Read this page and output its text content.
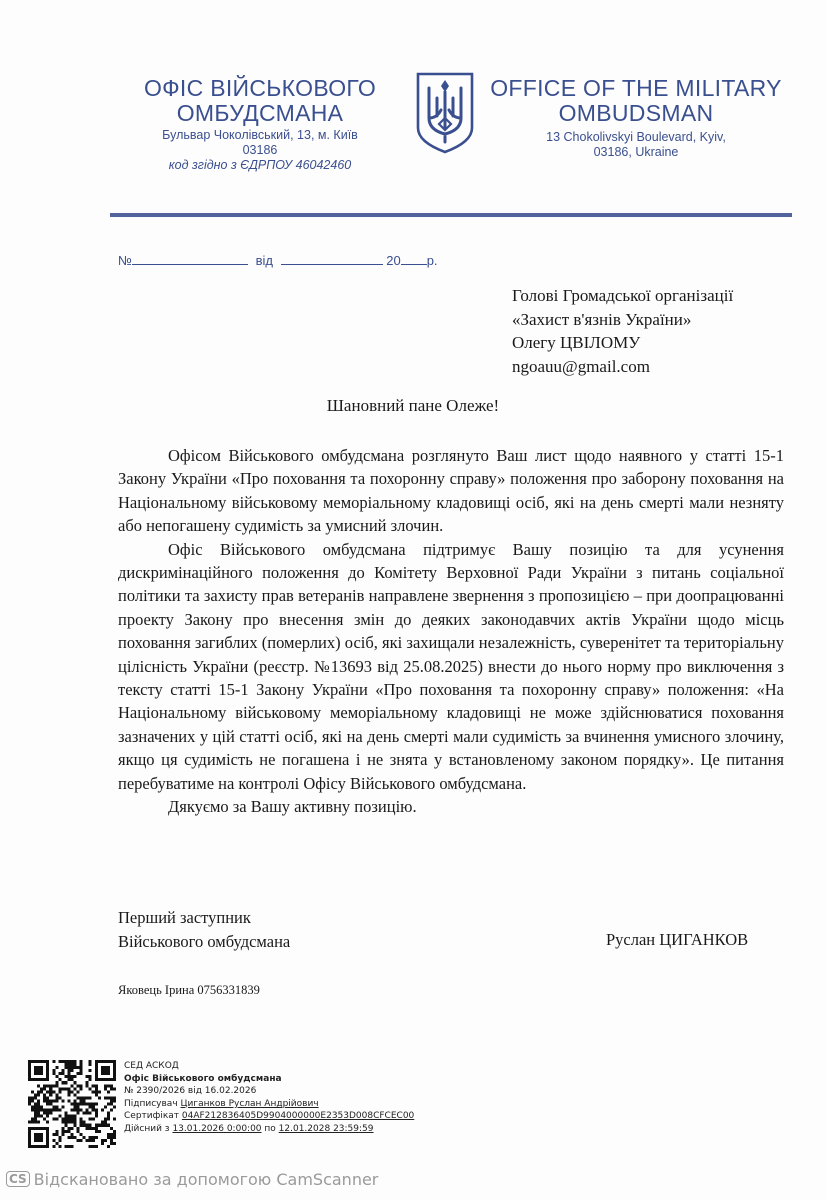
ОФІС ВІЙСЬКОВОГО
ОМБУДСМАНА
Бульвар Чоколівський, 13, м. Київ
03186
код згідно з ЄДРПОУ 46042460
OFFICE OF THE MILITARY
OMBUDSMAN
13 Chokolivskyi Boulevard, Kyiv,
03186, Ukraine
№	від	20 р.
Голові Громадської організації
«Захист в'язнів України»
Олегу ЦВІЛОМУ
ngoauu@gmail.com
Шановний пане Олеже!

Офісом Військового омбудсмана розглянуто Ваш лист щодо наявного у статті 15-1 Закону України «Про поховання та похоронну справу» положення про заборону поховання на Національному військовому меморіальному кладовищі осіб, які на день смерті мали незняту або непогашену судимість за умисний злочин.

Офіс Військового омбудсмана підтримує Вашу позицію та для усунення дискримінаційного положення до Комітету Верховної Ради України з питань соціальної політики та захисту прав ветеранів направлене звернення з пропозицією – при доопрацюванні проекту Закону про внесення змін до деяких законодавчих актів України щодо місць поховання загиблих (померлих) осіб, які захищали незалежність, суверенітет та територіальну цілісність України (реєстр. №13693 від 25.08.2025) внести до нього норму про виключення з тексту статті 15-1 Закону України «Про поховання та похоронну справу» положення: «На Національному військовому меморіальному кладовищі не може здійснюватися поховання зазначених у цій статті осіб, які на день смерті мали судимість за вчинення умисного злочину, якщо ця судимість не погашена і не знята у встановленому законом порядку». Це питання перебуватиме на контролі Офісу Військового омбудсмана.

Дякуємо за Вашу активну позицію.

Перший заступник
Військового омбудсмана	Руслан ЦИГАНКОВ
Яковець Ірина 0756331839
СЕД АСКОД
Офіс Військового омбудсмана
№ 2390/2026 від 16.02.2026
Підписувач Циганков Руслан Андрійович
Сертифікат 04AF212836405D9904000000E2353D008CFCEC00
Дійсний з 13.01.2026 0:00:00 по 12.01.2028 23:59:59
CS Відскановано за допомогою CamScanner
